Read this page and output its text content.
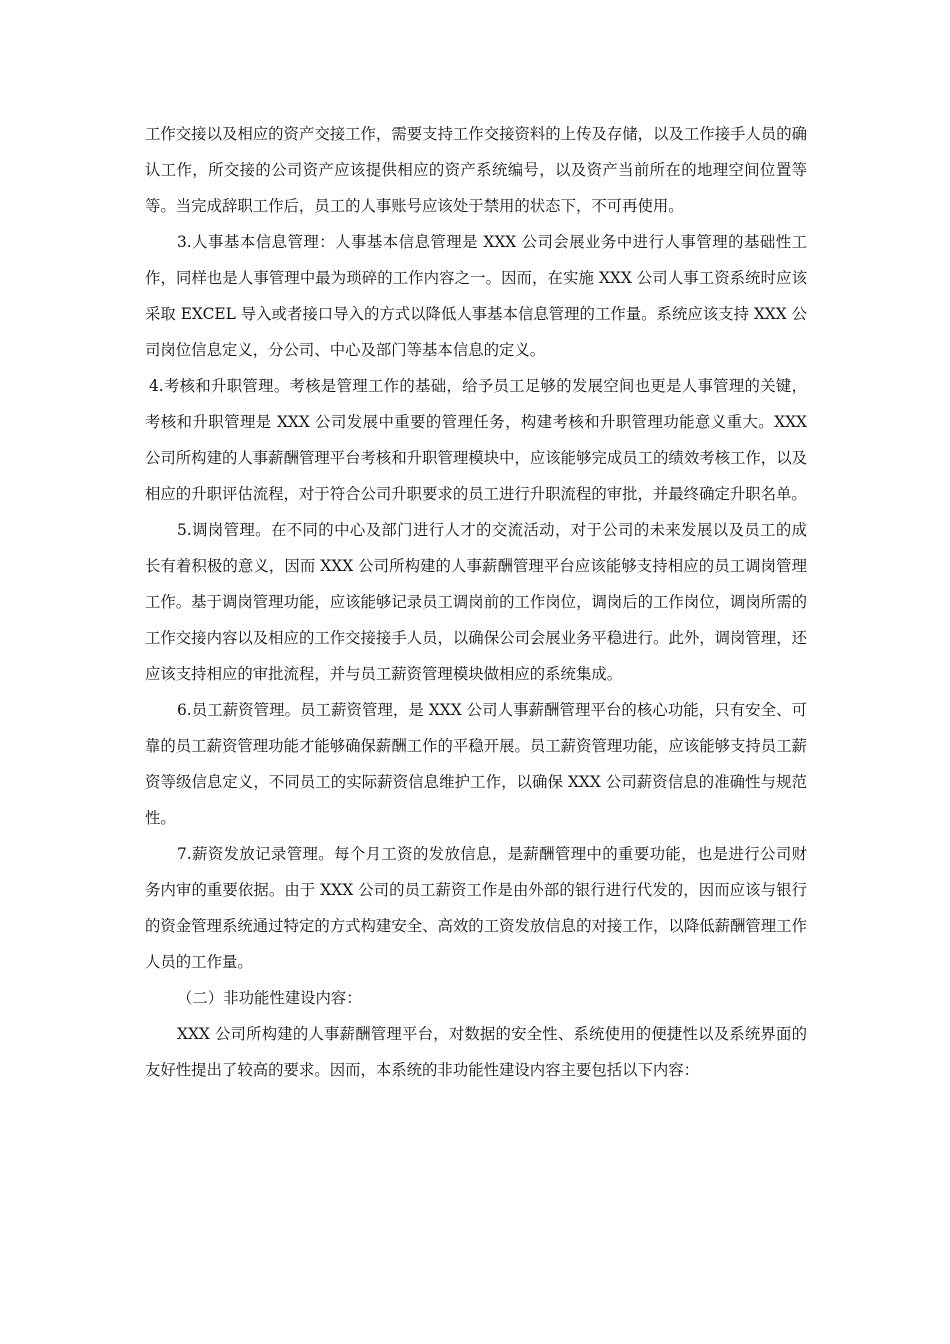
工作交接以及相应的资产交接工作，需要支持工作交接资料的上传及存储，以及工作接手人员的确认工作，所交接的公司资产应该提供相应的资产系统编号，以及资产当前所在的地理空间位置等等。当完成辞职工作后，员工的人事账号应该处于禁用的状态下，不可再使用。

3.人事基本信息管理：人事基本信息管理是 XXX 公司会展业务中进行人事管理的基础性工作，同样也是人事管理中最为琐碎的工作内容之一。因而，在实施 XXX 公司人事工资系统时应该采取 EXCEL 导入或者接口导入的方式以降低人事基本信息管理的工作量。系统应该支持 XXX 公司岗位信息定义，分公司、中心及部门等基本信息的定义。

4.考核和升职管理。考核是管理工作的基础，给予员工足够的发展空间也更是人事管理的关键，考核和升职管理是 XXX 公司发展中重要的管理任务，构建考核和升职管理功能意义重大。XXX 公司所构建的人事薪酬管理平台考核和升职管理模块中，应该能够完成员工的绩效考核工作，以及相应的升职评估流程，对于符合公司升职要求的员工进行升职流程的审批，并最终确定升职名单。

5.调岗管理。在不同的中心及部门进行人才的交流活动，对于公司的未来发展以及员工的成长有着积极的意义，因而 XXX 公司所构建的人事薪酬管理平台应该能够支持相应的员工调岗管理工作。基于调岗管理功能，应该能够记录员工调岗前的工作岗位，调岗后的工作岗位，调岗所需的工作交接内容以及相应的工作交接接手人员，以确保公司会展业务平稳进行。此外，调岗管理，还应该支持相应的审批流程，并与员工薪资管理模块做相应的系统集成。

6.员工薪资管理。员工薪资管理，是 XXX 公司人事薪酬管理平台的核心功能，只有安全、可靠的员工薪资管理功能才能够确保薪酬工作的平稳开展。员工薪资管理功能，应该能够支持员工薪资等级信息定义，不同员工的实际薪资信息维护工作，以确保 XXX 公司薪资信息的准确性与规范性。

7.薪资发放记录管理。每个月工资的发放信息，是薪酬管理中的重要功能，也是进行公司财务内审的重要依据。由于 XXX 公司的员工薪资工作是由外部的银行进行代发的，因而应该与银行的资金管理系统通过特定的方式构建安全、高效的工资发放信息的对接工作，以降低薪酬管理工作人员的工作量。

（二）非功能性建设内容：

XXX 公司所构建的人事薪酬管理平台，对数据的安全性、系统使用的便捷性以及系统界面的友好性提出了较高的要求。因而，本系统的非功能性建设内容主要包括以下内容：
